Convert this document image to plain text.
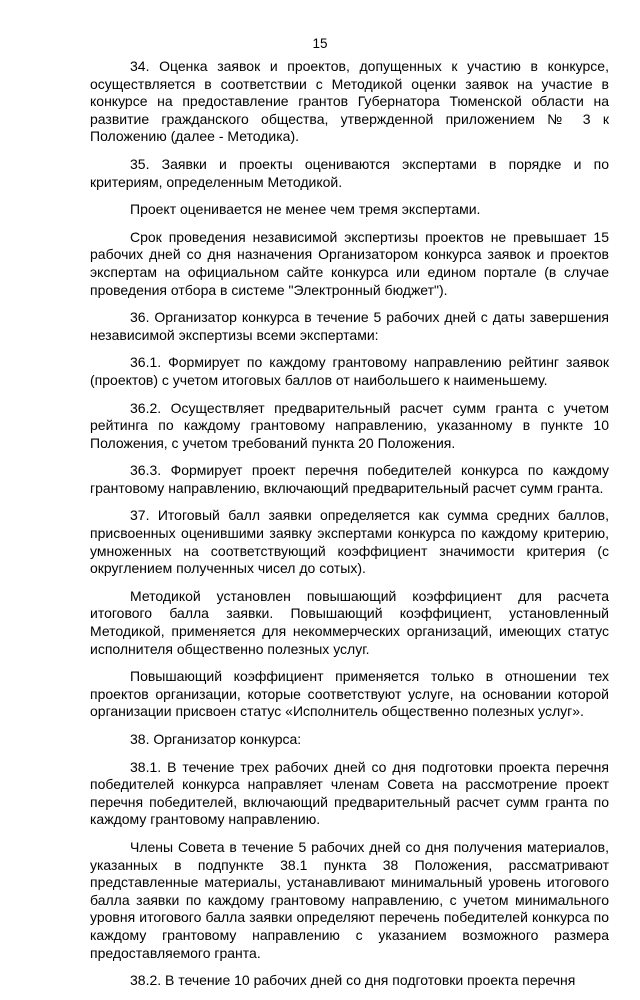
15

34. Оценка заявок и проектов, допущенных к участию в конкурсе, осуществляется в соответствии с Методикой оценки заявок на участие в конкурсе на предоставление грантов Губернатора Тюменской области на развитие гражданского общества, утвержденной приложением № 3 к Положению (далее - Методика).

35. Заявки и проекты оцениваются экспертами в порядке и по критериям, определенным Методикой.

Проект оценивается не менее чем тремя экспертами.

Срок проведения независимой экспертизы проектов не превышает 15 рабочих дней со дня назначения Организатором конкурса заявок и проектов экспертам на официальном сайте конкурса или едином портале (в случае проведения отбора в системе "Электронный бюджет").

36. Организатор конкурса в течение 5 рабочих дней с даты завершения независимой экспертизы всеми экспертами:

36.1. Формирует по каждому грантовому направлению рейтинг заявок (проектов) с учетом итоговых баллов от наибольшего к наименьшему.

36.2. Осуществляет предварительный расчет сумм гранта с учетом рейтинга по каждому грантовому направлению, указанному в пункте 10 Положения, с учетом требований пункта 20 Положения.

36.3. Формирует проект перечня победителей конкурса по каждому грантовому направлению, включающий предварительный расчет сумм гранта.

37. Итоговый балл заявки определяется как сумма средних баллов, присвоенных оценившими заявку экспертами конкурса по каждому критерию, умноженных на соответствующий коэффициент значимости критерия (с округлением полученных чисел до сотых).

Методикой установлен повышающий коэффициент для расчета итогового балла заявки. Повышающий коэффициент, установленный Методикой, применяется для некоммерческих организаций, имеющих статус исполнителя общественно полезных услуг.

Повышающий коэффициент применяется только в отношении тех проектов организации, которые соответствуют услуге, на основании которой организации присвоен статус «Исполнитель общественно полезных услуг».

38. Организатор конкурса:

38.1. В течение трех рабочих дней со дня подготовки проекта перечня победителей конкурса направляет членам Совета на рассмотрение проект перечня победителей, включающий предварительный расчет сумм гранта по каждому грантовому направлению.

Члены Совета в течение 5 рабочих дней со дня получения материалов, указанных в подпункте 38.1 пункта 38 Положения, рассматривают представленные материалы, устанавливают минимальный уровень итогового балла заявки по каждому грантовому направлению, с учетом минимального уровня итогового балла заявки определяют перечень победителей конкурса по каждому грантовому направлению с указанием возможного размера предоставляемого гранта.

38.2. В течение 10 рабочих дней со дня подготовки проекта перечня
